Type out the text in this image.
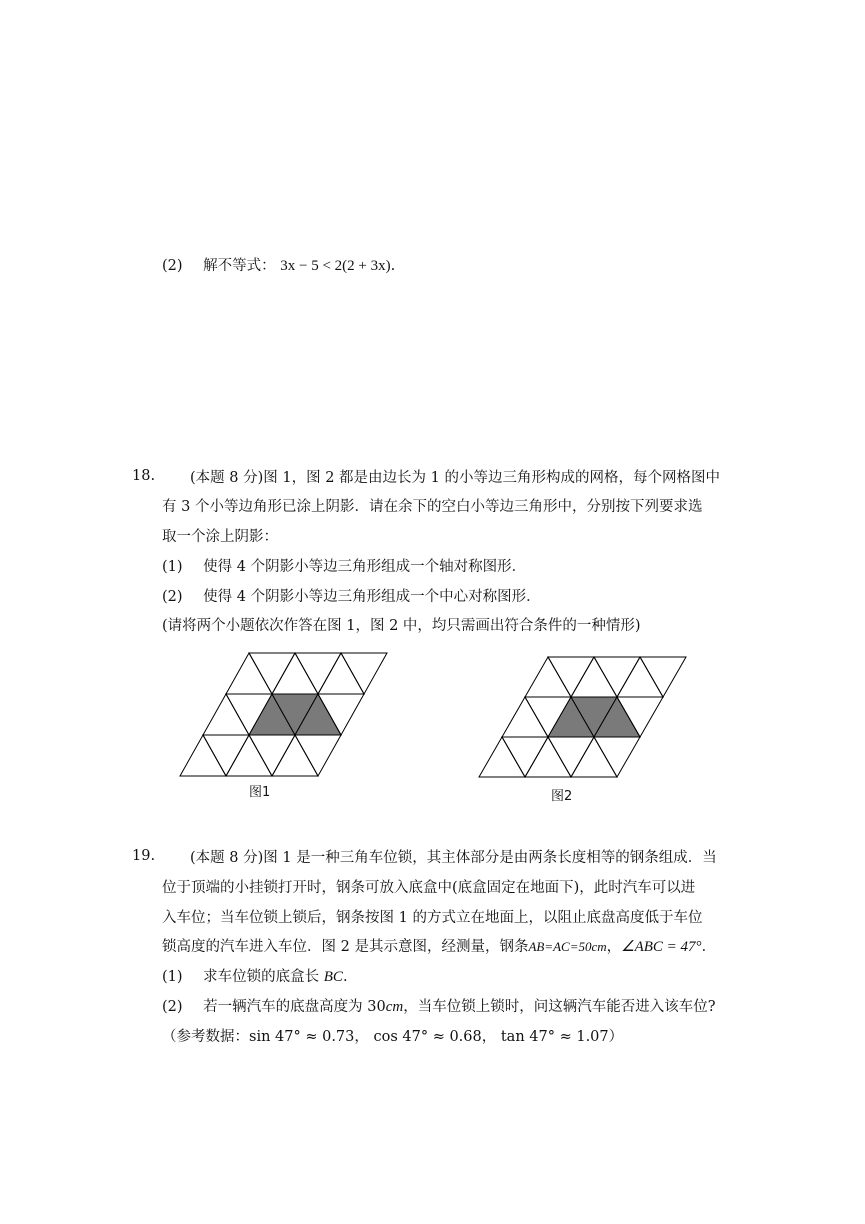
(2) 解不等式： 3x − 5 < 2(2 + 3x).
18. (本题 8 分)图 1，图 2 都是由边长为 1 的小等边三角形构成的网格，每个网格图中
有 3 个小等边角形已涂上阴影．请在余下的空白小等边三角形中，分别按下列要求选
取一个涂上阴影：
(1) 使得 4 个阴影小等边三角形组成一个轴对称图形．
(2) 使得 4 个阴影小等边三角形组成一个中心对称图形．
(请将两个小题依次作答在图 1，图 2 中，均只需画出符合条件的一种情形)
图1	图2
19. (本题 8 分)图 1 是一种三角车位锁，其主体部分是由两条长度相等的钢条组成．当
位于顶端的小挂锁打开时，钢条可放入底盒中(底盒固定在地面下)，此时汽车可以进
入车位；当车位锁上锁后，钢条按图 1 的方式立在地面上，以阻止底盘高度低于车位
锁高度的汽车进入车位．图 2 是其示意图，经测量，钢条AB=AC=50cm，∠ABC = 47°．
(1) 求车位锁的底盒长 BC.
(2) 若一辆汽车的底盘高度为 30cm，当车位锁上锁时，问这辆汽车能否进入该车位?
（参考数据：sin 47° ≈ 0.73， cos 47° ≈ 0.68， tan 47° ≈ 1.07）
